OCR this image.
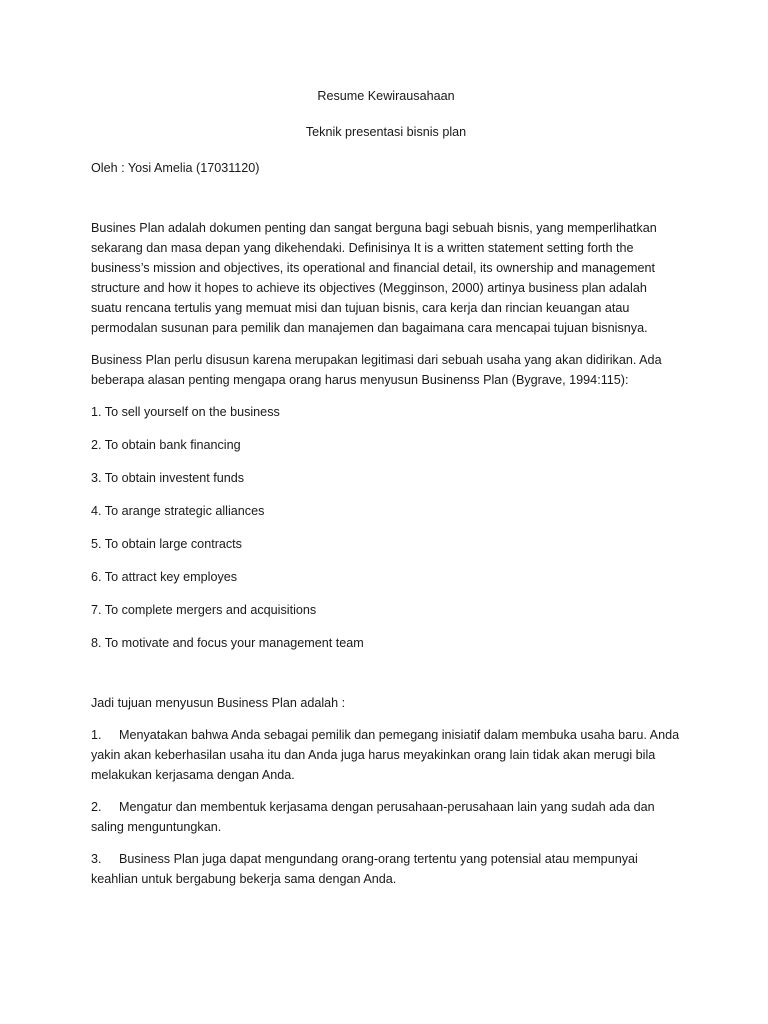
Resume Kewirausahaan

Teknik presentasi bisnis plan

Oleh : Yosi Amelia (17031120)

Busines Plan adalah dokumen penting dan sangat berguna bagi sebuah bisnis, yang memperlihatkan sekarang dan masa depan yang dikehendaki. Definisinya It is a written statement setting forth the business’s mission and objectives, its operational and financial detail, its ownership and management structure and how it hopes to achieve its objectives (Megginson, 2000) artinya business plan adalah suatu rencana tertulis yang memuat misi dan tujuan bisnis, cara kerja dan rincian keuangan atau permodalan susunan para pemilik dan manajemen dan bagaimana cara mencapai tujuan bisnisnya.

Business Plan perlu disusun karena merupakan legitimasi dari sebuah usaha yang akan didirikan. Ada beberapa alasan penting mengapa orang harus menyusun Businenss Plan (Bygrave, 1994:115):

1. To sell yourself on the business

2. To obtain bank financing

3. To obtain investent funds

4. To arange strategic alliances

5. To obtain large contracts

6. To attract key employes

7. To complete mergers and acquisitions

8. To motivate and focus your management team

Jadi tujuan menyusun Business Plan adalah :

1. Menyatakan bahwa Anda sebagai pemilik dan pemegang inisiatif dalam membuka usaha baru. Anda yakin akan keberhasilan usaha itu dan Anda juga harus meyakinkan orang lain tidak akan merugi bila melakukan kerjasama dengan Anda.

2. Mengatur dan membentuk kerjasama dengan perusahaan-perusahaan lain yang sudah ada dan saling menguntungkan.

3. Business Plan juga dapat mengundang orang-orang tertentu yang potensial atau mempunyai keahlian untuk bergabung bekerja sama dengan Anda.
